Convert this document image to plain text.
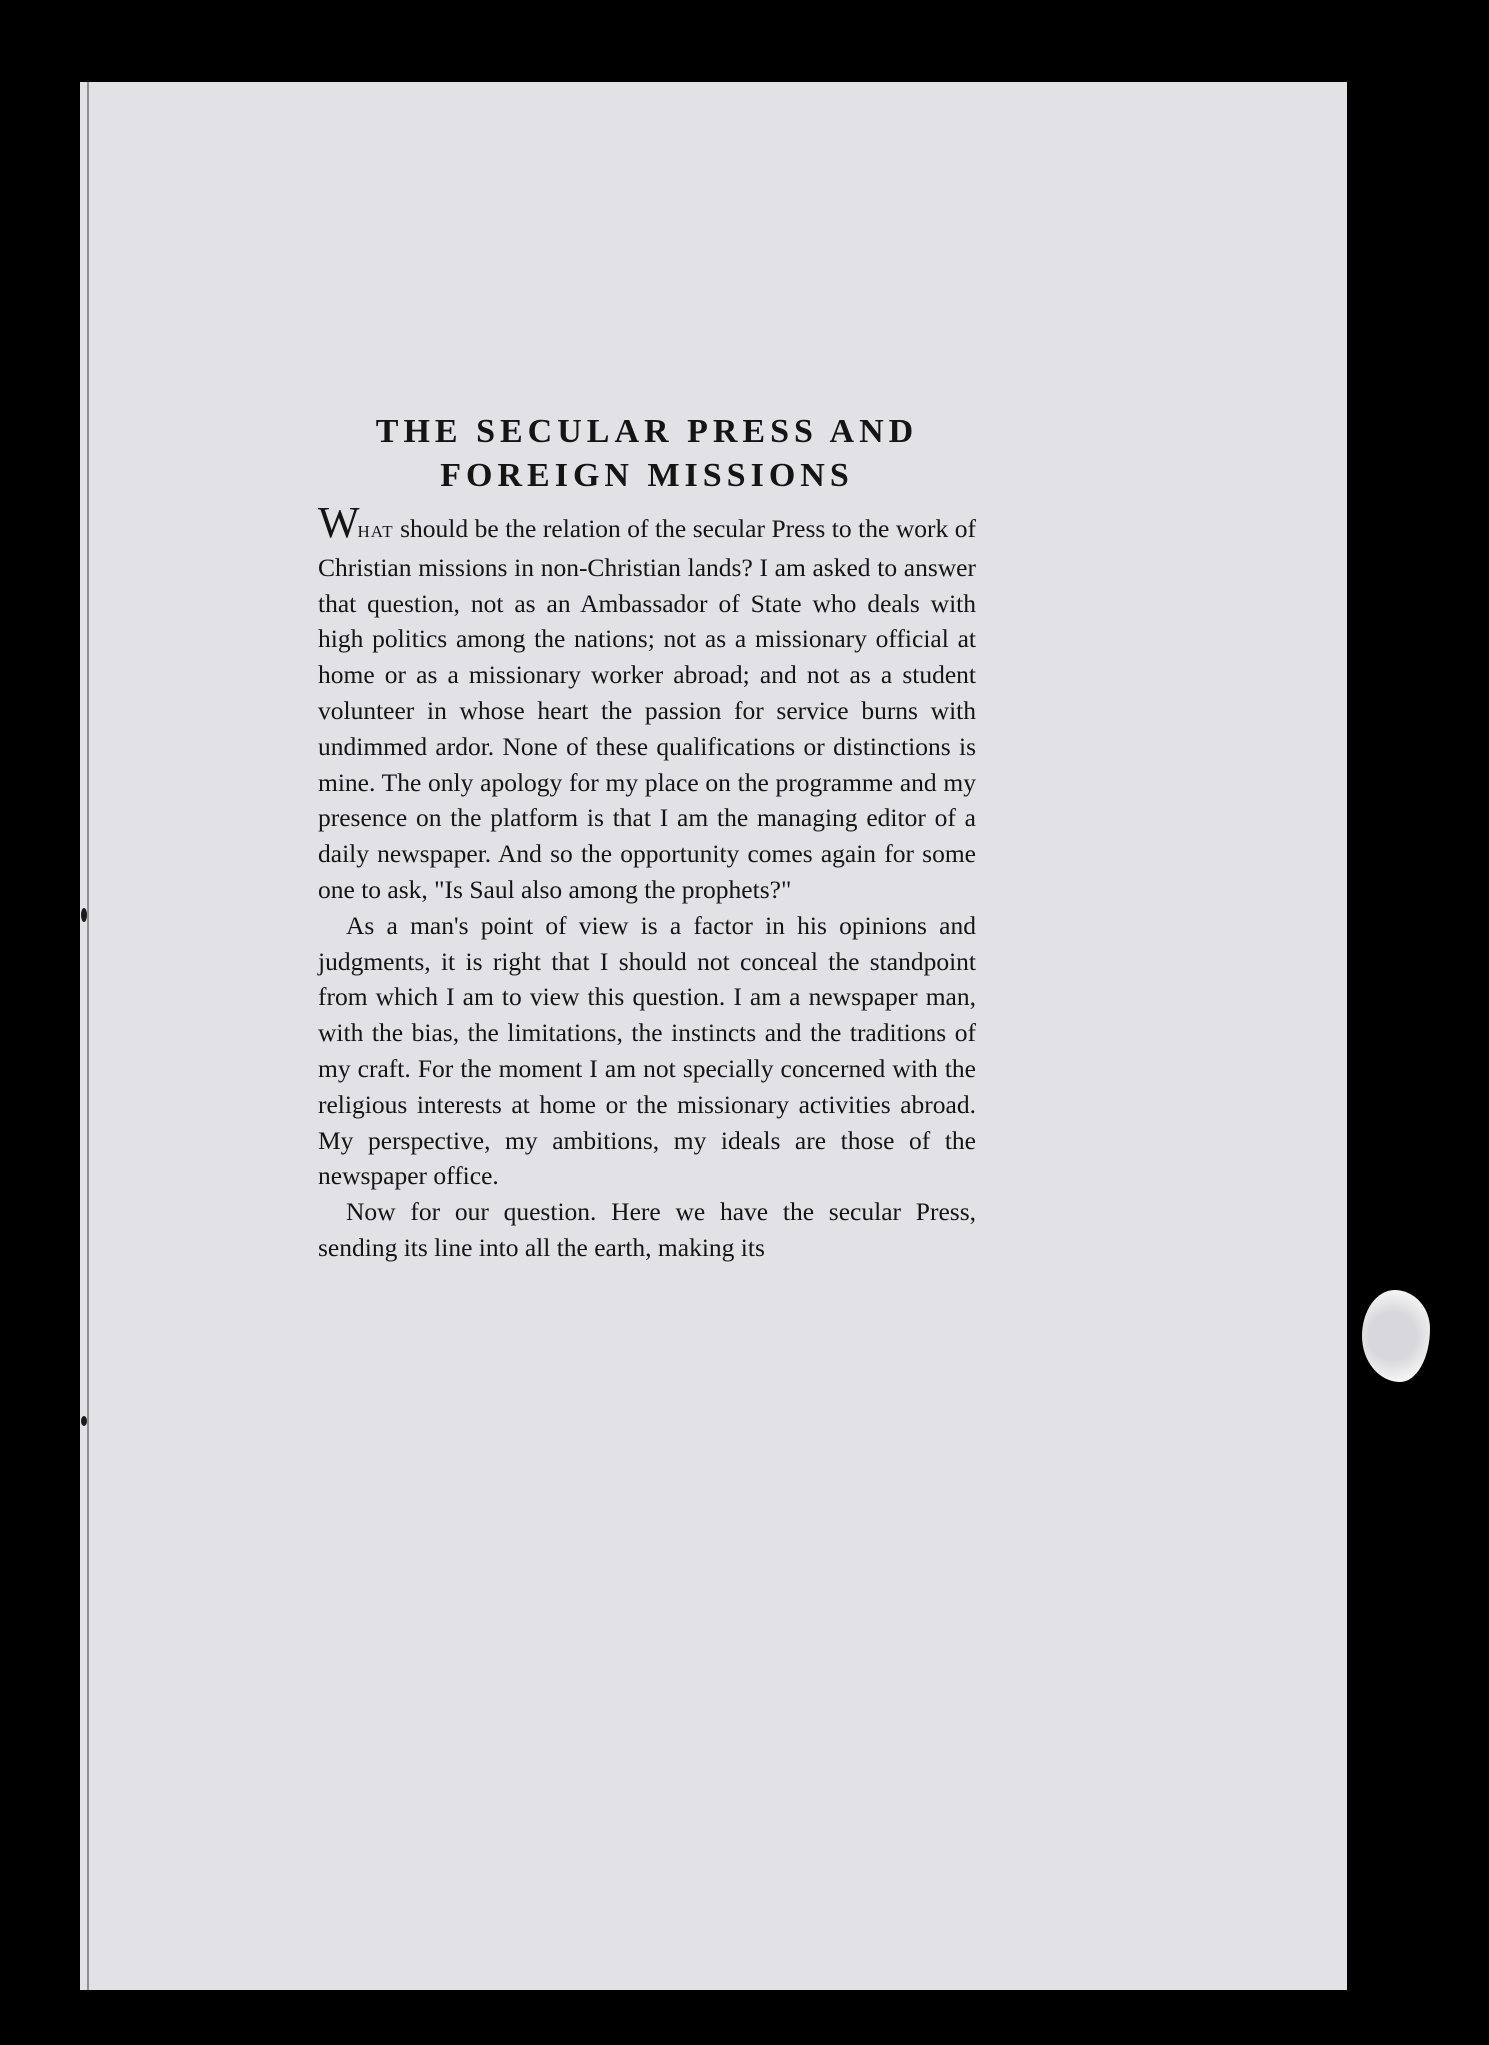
THE SECULAR PRESS AND
FOREIGN MISSIONS

WHAT should be the relation of the secular Press to the work of Christian missions in non-Christian lands? I am asked to answer that question, not as an Ambassador of State who deals with high politics among the nations; not as a missionary official at home or as a missionary worker abroad; and not as a student volunteer in whose heart the passion for service burns with undimmed ardor. None of these qualifications or distinctions is mine. The only apology for my place on the programme and my presence on the platform is that I am the managing editor of a daily newspaper. And so the opportunity comes again for some one to ask, "Is Saul also among the prophets?"

As a man's point of view is a factor in his opinions and judgments, it is right that I should not conceal the standpoint from which I am to view this question. I am a newspaper man, with the bias, the limitations, the instincts and the traditions of my craft. For the moment I am not specially concerned with the religious interests at home or the missionary activities abroad. My perspective, my ambitions, my ideals are those of the newspaper office.

Now for our question. Here we have the secular Press, sending its line into all the earth, making its
